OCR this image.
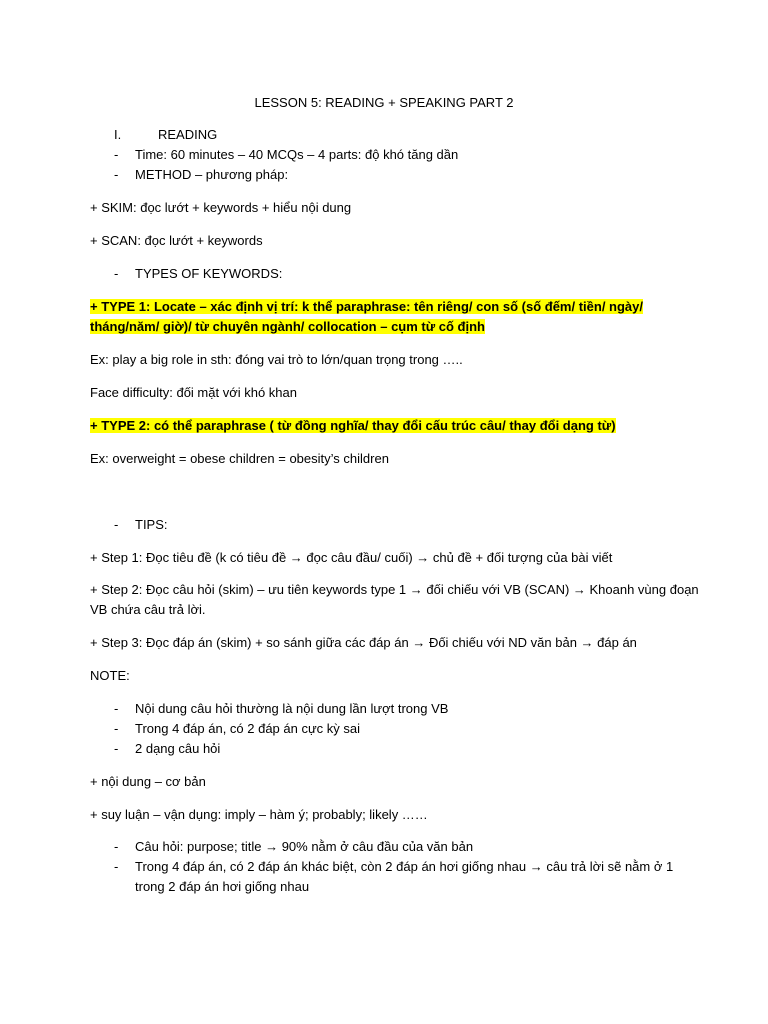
LESSON 5: READING + SPEAKING PART 2
I.	READING
- Time: 60 minutes – 40 MCQs – 4 parts: độ khó tăng dần
- METHOD – phương pháp:
+ SKIM: đọc lướt + keywords + hiểu nội dung
+ SCAN: đọc lướt + keywords
- TYPES OF KEYWORDS:
+ TYPE 1: Locate – xác định vị trí: k thể paraphrase: tên riêng/ con số (số đếm/ tiền/ ngày/
tháng/năm/ giờ)/ từ chuyên ngành/ collocation – cụm từ cố định
Ex: play a big role in sth: đóng vai trò to lớn/quan trọng trong …..
Face difficulty: đối mặt với khó khan
+ TYPE 2: có thể paraphrase ( từ đồng nghĩa/ thay đổi cấu trúc câu/ thay đổi dạng từ)
Ex: overweight = obese children = obesity’s children
- TIPS:
+ Step 1: Đọc tiêu đề (k có tiêu đề → đọc câu đầu/ cuối) → chủ đề + đối tượng của bài viết
+ Step 2: Đọc câu hỏi (skim) – ưu tiên keywords type 1 → đối chiếu với VB (SCAN) → Khoanh vùng đoạn
VB chứa câu trả lời.
+ Step 3: Đọc đáp án (skim) + so sánh giữa các đáp án → Đối chiếu với ND văn bản → đáp án
NOTE:
- Nội dung câu hỏi thường là nội dung lần lượt trong VB
- Trong 4 đáp án, có 2 đáp án cực kỳ sai
- 2 dạng câu hỏi
+ nội dung – cơ bản
+ suy luận – vận dụng: imply – hàm ý; probably; likely ……
- Câu hỏi: purpose; title → 90% nằm ở câu đầu của văn bản
- Trong 4 đáp án, có 2 đáp án khác biệt, còn 2 đáp án hơi giống nhau → câu trả lời sẽ nằm ở 1
trong 2 đáp án hơi giống nhau
